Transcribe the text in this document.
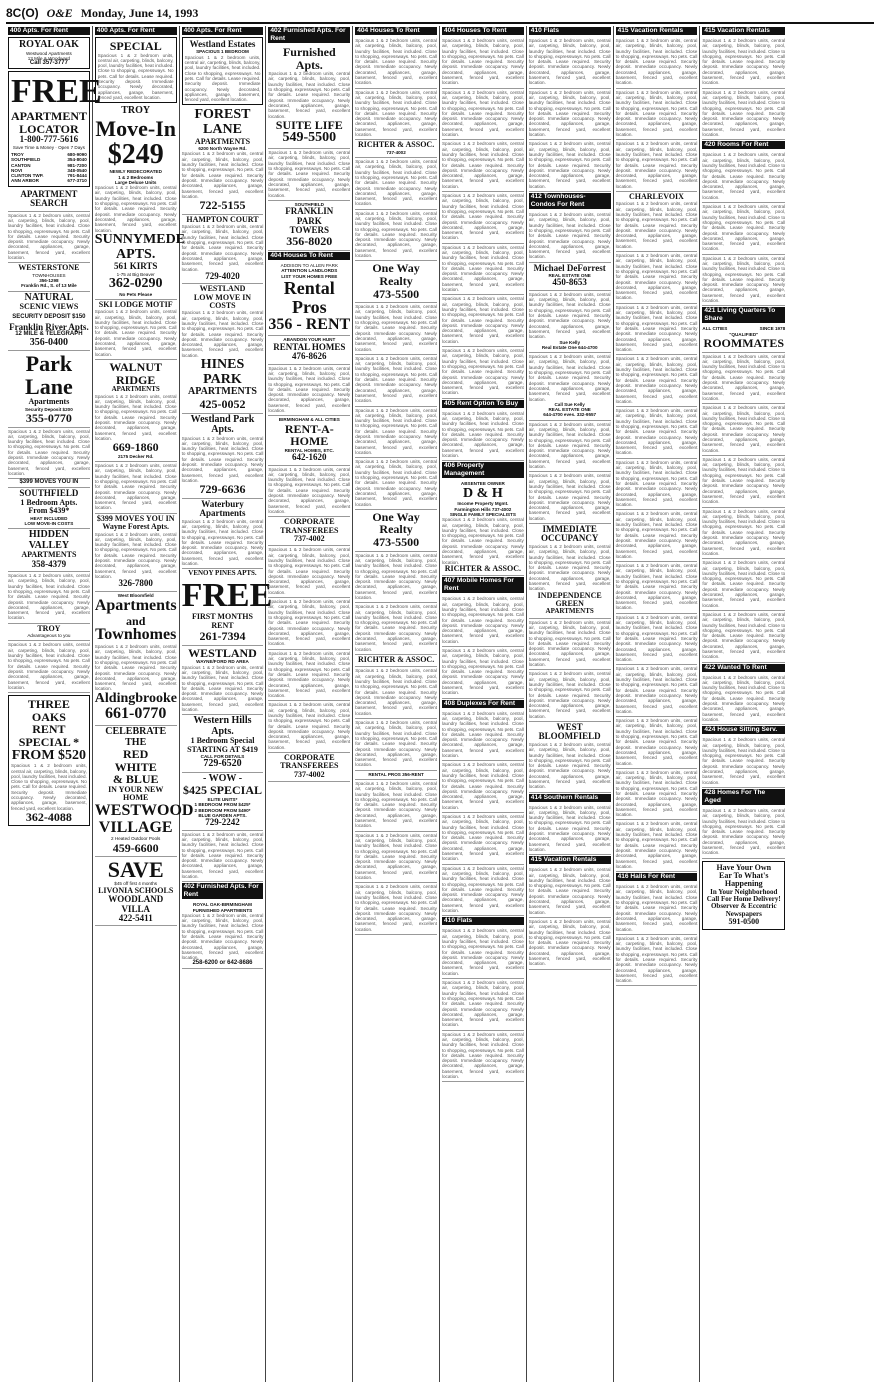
8C(O) O&E Monday, June 14, 1993
400 Apts. For Rent
ROYAL OAK
Westwood Apartments
13 Mile & Woodward
Call 357-3777
FREE
APARTMENT
LOCATOR
1-800-777-5616
Save Time & Money · Open 7 Days
TROY	680-9090
SOUTHFIELD	354-8040
CANTON	981-7200
NOVI	348-0540
CLINTON TWP.	791-8444
ANN ARBOR	677-3710
APARTMENT
SEARCH
Spacious 1 & 2 bedroom units, central air, carpeting, blinds, balcony, pool, laundry facilities, heat included. Close to shopping, expressways. No pets. Call for details. Lease required. Security deposit. Immediate occupancy. Newly decorated, appliances, garage, basement, fenced yard, excellent location.
WESTERSTONE
TOWNHOUSES
356-1298
Franklin Rd., S. of 13 Mile
NATURAL
SCENIC VIEWS
SECURITY DEPOSIT $150
Franklin River Apts.
12 MILE & TELEGRAPH
356-0400
Park Lane
Apartments
Security Deposit $200
355-0770
Spacious 1 & 2 bedroom units, central air, carpeting, blinds, balcony, pool, laundry facilities, heat included. Close to shopping, expressways. No pets. Call for details. Lease required. Security deposit. Immediate occupancy. Newly decorated, appliances, garage, basement, fenced yard, excellent location.
$399 MOVES YOU IN
SOUTHFIELD
1 Bedroom Apts.
From $439*
HEAT INCLUDED
LOW MOVE-IN COSTS
HIDDEN VALLEY
APARTMENTS
358-4379
Spacious 1 & 2 bedroom units, central air, carpeting, blinds, balcony, pool, laundry facilities, heat included. Close to shopping, expressways. No pets. Call for details. Lease required. Security deposit. Immediate occupancy. Newly decorated, appliances, garage, basement, fenced yard, excellent location.
TROY
Advantageous to you
Spacious 1 & 2 bedroom units, central air, carpeting, blinds, balcony, pool, laundry facilities, heat included. Close to shopping, expressways. No pets. Call for details. Lease required. Security deposit. Immediate occupancy. Newly decorated, appliances, garage, basement, fenced yard, excellent location.
THREE OAKS
RENT
SPECIAL *
FROM $520
Spacious 1 & 2 bedroom units, central air, carpeting, blinds, balcony, pool, laundry facilities, heat included. Close to shopping, expressways. No pets. Call for details. Lease required. Security deposit. Immediate occupancy. Newly decorated, appliances, garage, basement, fenced yard, excellent location.
362-4088
400 Apts. For Rent
SPECIAL
Spacious 1 & 2 bedroom units, central air, carpeting, blinds, balcony, pool, laundry facilities, heat included. Close to shopping, expressways. No pets. Call for details. Lease required. Security deposit. Immediate occupancy. Newly decorated, appliances, garage, basement, fenced yard, excellent location.
TROY
Move-In
$249
NEWLY REDECORATED
1 & 2 Bedrooms
Large Deluxe Units
Spacious 1 & 2 bedroom units, central air, carpeting, blinds, balcony, pool, laundry facilities, heat included. Close to shopping, expressways. No pets. Call for details. Lease required. Security deposit. Immediate occupancy. Newly decorated, appliances, garage, basement, fenced yard, excellent location.
SUNNYMEDE
APTS.
561 KIRTS
1-75 at Big Beaver
362-0290
No Pets Please
SKI LODGE MOTIF
Spacious 1 & 2 bedroom units, central air, carpeting, blinds, balcony, pool, laundry facilities, heat included. Close to shopping, expressways. No pets. Call for details. Lease required. Security deposit. Immediate occupancy. Newly decorated, appliances, garage, basement, fenced yard, excellent location.
WALNUT RIDGE
APARTMENTS
Spacious 1 & 2 bedroom units, central air, carpeting, blinds, balcony, pool, laundry facilities, heat included. Close to shopping, expressways. No pets. Call for details. Lease required. Security deposit. Immediate occupancy. Newly decorated, appliances, garage, basement, fenced yard, excellent location.
669-1860
2175 Decker Rd.
Spacious 1 & 2 bedroom units, central air, carpeting, blinds, balcony, pool, laundry facilities, heat included. Close to shopping, expressways. No pets. Call for details. Lease required. Security deposit. Immediate occupancy. Newly decorated, appliances, garage, basement, fenced yard, excellent location.
$399 MOVES YOU IN
Wayne Forest Apts.
Spacious 1 & 2 bedroom units, central air, carpeting, blinds, balcony, pool, laundry facilities, heat included. Close to shopping, expressways. No pets. Call for details. Lease required. Security deposit. Immediate occupancy. Newly decorated, appliances, garage, basement, fenced yard, excellent location.
326-7800
West Bloomfield
Apartments
and
Townhomes
Spacious 1 & 2 bedroom units, central air, carpeting, blinds, balcony, pool, laundry facilities, heat included. Close to shopping, expressways. No pets. Call for details. Lease required. Security deposit. Immediate occupancy. Newly decorated, appliances, garage, basement, fenced yard, excellent location.
Aldingbrooke
661-0770
CELEBRATE THE
RED
WHITE
& BLUE
IN YOUR NEW HOME
WESTWOOD
VILLAGE
2 Heated Outdoor Pools
459-6600
SAVE
$45 off first 4 months
LIVONIA SCHOOLS
WOODLAND VILLA
422-5411
400 Apts. For Rent
Westland Estates
SPACIOUS 1 BEDROOM
Spacious 1 & 2 bedroom units, central air, carpeting, blinds, balcony, pool, laundry facilities, heat included. Close to shopping, expressways. No pets. Call for details. Lease required. Security deposit. Immediate occupancy. Newly decorated, appliances, garage, basement, fenced yard, excellent location.
FOREST LANE
APARTMENTS
6200 North Wayne Rd.
Spacious 1 & 2 bedroom units, central air, carpeting, blinds, balcony, pool, laundry facilities, heat included. Close to shopping, expressways. No pets. Call for details. Lease required. Security deposit. Immediate occupancy. Newly decorated, appliances, garage, basement, fenced yard, excellent location.
722-5155
HAMPTON COURT
Spacious 1 & 2 bedroom units, central air, carpeting, blinds, balcony, pool, laundry facilities, heat included. Close to shopping, expressways. No pets. Call for details. Lease required. Security deposit. Immediate occupancy. Newly decorated, appliances, garage, basement, fenced yard, excellent location.
729-4020
WESTLAND
LOW MOVE IN COSTS
Spacious 1 & 2 bedroom units, central air, carpeting, blinds, balcony, pool, laundry facilities, heat included. Close to shopping, expressways. No pets. Call for details. Lease required. Security deposit. Immediate occupancy. Newly decorated, appliances, garage, basement, fenced yard, excellent location.
HINES PARK
APARTMENTS
425-0052
Westland Park Apts.
Spacious 1 & 2 bedroom units, central air, carpeting, blinds, balcony, pool, laundry facilities, heat included. Close to shopping, expressways. No pets. Call for details. Lease required. Security deposit. Immediate occupancy. Newly decorated, appliances, garage, basement, fenced yard, excellent location.
729-6636
Waterbury Apartments
Spacious 1 & 2 bedroom units, central air, carpeting, blinds, balcony, pool, laundry facilities, heat included. Close to shopping, expressways. No pets. Call for details. Lease required. Security deposit. Immediate occupancy. Newly decorated, appliances, garage, basement, fenced yard, excellent location.
VENOY PINES APTS.
FREE
FIRST MONTHS RENT
261-7394
WESTLAND
WAYNE/FORD RD AREA
Spacious 1 & 2 bedroom units, central air, carpeting, blinds, balcony, pool, laundry facilities, heat included. Close to shopping, expressways. No pets. Call for details. Lease required. Security deposit. Immediate occupancy. Newly decorated, appliances, garage, basement, fenced yard, excellent location.
Western Hills Apts.
1 Bedroom Special
STARTING AT $419
CALL FOR DETAILS
729-6520
- WOW -
$425 SPECIAL
ELITE UNITS*
1 BEDROOM FROM $425*
2 BEDROOM FROM $490*
BLUE GARDEN APTS.
729-2242
Spacious 1 & 2 bedroom units, central air, carpeting, blinds, balcony, pool, laundry facilities, heat included. Close to shopping, expressways. No pets. Call for details. Lease required. Security deposit. Immediate occupancy. Newly decorated, appliances, garage, basement, fenced yard, excellent location.
402 Furnished Apts. For Rent
ROYAL OAK-BIRMINGHAM
FURNISHED APARTMENTS
Spacious 1 & 2 bedroom units, central air, carpeting, blinds, balcony, pool, laundry facilities, heat included. Close to shopping, expressways. No pets. Call for details. Lease required. Security deposit. Immediate occupancy. Newly decorated, appliances, garage, basement, fenced yard, excellent location.
258-6200 or 642-8686
402 Furnished Apts. For Rent
Furnished Apts.
Spacious 1 & 2 bedroom units, central air, carpeting, blinds, balcony, pool, laundry facilities, heat included. Close to shopping, expressways. No pets. Call for details. Lease required. Security deposit. Immediate occupancy. Newly decorated, appliances, garage, basement, fenced yard, excellent location.
SUITE LIFE
549-5500
Spacious 1 & 2 bedroom units, central air, carpeting, blinds, balcony, pool, laundry facilities, heat included. Close to shopping, expressways. No pets. Call for details. Lease required. Security deposit. Immediate occupancy. Newly decorated, appliances, garage, basement, fenced yard, excellent location.
SOUTHFIELD
FRANKLIN
PARK
TOWERS
356-8020
404 Houses To Rent
ADDISON TO ALLEN PARK
ATTENTION LANDLORDS
LIST YOUR HOMES FREE
Rental Pros
356 - RENT
ABANDON YOUR HUNT
RENTAL HOMES
476-8626
Spacious 1 & 2 bedroom units, central air, carpeting, blinds, balcony, pool, laundry facilities, heat included. Close to shopping, expressways. No pets. Call for details. Lease required. Security deposit. Immediate occupancy. Newly decorated, appliances, garage, basement, fenced yard, excellent location.
BIRMINGHAM & ALL CITIES
RENT-A-HOME
RENTAL HOMES, ETC.
642-1620
Spacious 1 & 2 bedroom units, central air, carpeting, blinds, balcony, pool, laundry facilities, heat included. Close to shopping, expressways. No pets. Call for details. Lease required. Security deposit. Immediate occupancy. Newly decorated, appliances, garage, basement, fenced yard, excellent location.
CORPORATE
TRANSFEREES
737-4002
Spacious 1 & 2 bedroom units, central air, carpeting, blinds, balcony, pool, laundry facilities, heat included. Close to shopping, expressways. No pets. Call for details. Lease required. Security deposit. Immediate occupancy. Newly decorated, appliances, garage, basement, fenced yard, excellent location.
Spacious 1 & 2 bedroom units, central air, carpeting, blinds, balcony, pool, laundry facilities, heat included. Close to shopping, expressways. No pets. Call for details. Lease required. Security deposit. Immediate occupancy. Newly decorated, appliances, garage, basement, fenced yard, excellent location.
Spacious 1 & 2 bedroom units, central air, carpeting, blinds, balcony, pool, laundry facilities, heat included. Close to shopping, expressways. No pets. Call for details. Lease required. Security deposit. Immediate occupancy. Newly decorated, appliances, garage, basement, fenced yard, excellent location.
Spacious 1 & 2 bedroom units, central air, carpeting, blinds, balcony, pool, laundry facilities, heat included. Close to shopping, expressways. No pets. Call for details. Lease required. Security deposit. Immediate occupancy. Newly decorated, appliances, garage, basement, fenced yard, excellent location.
CORPORATE
TRANSFEREES
737-4002
404 Houses To Rent
Spacious 1 & 2 bedroom units, central air, carpeting, blinds, balcony, pool, laundry facilities, heat included. Close to shopping, expressways. No pets. Call for details. Lease required. Security deposit. Immediate occupancy. Newly decorated, appliances, garage, basement, fenced yard, excellent location.
Spacious 1 & 2 bedroom units, central air, carpeting, blinds, balcony, pool, laundry facilities, heat included. Close to shopping, expressways. No pets. Call for details. Lease required. Security deposit. Immediate occupancy. Newly decorated, appliances, garage, basement, fenced yard, excellent location.
RICHTER & ASSOC.
737-4002
Spacious 1 & 2 bedroom units, central air, carpeting, blinds, balcony, pool, laundry facilities, heat included. Close to shopping, expressways. No pets. Call for details. Lease required. Security deposit. Immediate occupancy. Newly decorated, appliances, garage, basement, fenced yard, excellent location.
Spacious 1 & 2 bedroom units, central air, carpeting, blinds, balcony, pool, laundry facilities, heat included. Close to shopping, expressways. No pets. Call for details. Lease required. Security deposit. Immediate occupancy. Newly decorated, appliances, garage, basement, fenced yard, excellent location.
One Way Realty
473-5500
Spacious 1 & 2 bedroom units, central air, carpeting, blinds, balcony, pool, laundry facilities, heat included. Close to shopping, expressways. No pets. Call for details. Lease required. Security deposit. Immediate occupancy. Newly decorated, appliances, garage, basement, fenced yard, excellent location.
Spacious 1 & 2 bedroom units, central air, carpeting, blinds, balcony, pool, laundry facilities, heat included. Close to shopping, expressways. No pets. Call for details. Lease required. Security deposit. Immediate occupancy. Newly decorated, appliances, garage, basement, fenced yard, excellent location.
Spacious 1 & 2 bedroom units, central air, carpeting, blinds, balcony, pool, laundry facilities, heat included. Close to shopping, expressways. No pets. Call for details. Lease required. Security deposit. Immediate occupancy. Newly decorated, appliances, garage, basement, fenced yard, excellent location.
Spacious 1 & 2 bedroom units, central air, carpeting, blinds, balcony, pool, laundry facilities, heat included. Close to shopping, expressways. No pets. Call for details. Lease required. Security deposit. Immediate occupancy. Newly decorated, appliances, garage, basement, fenced yard, excellent location.
One Way Realty
473-5500
Spacious 1 & 2 bedroom units, central air, carpeting, blinds, balcony, pool, laundry facilities, heat included. Close to shopping, expressways. No pets. Call for details. Lease required. Security deposit. Immediate occupancy. Newly decorated, appliances, garage, basement, fenced yard, excellent location.
Spacious 1 & 2 bedroom units, central air, carpeting, blinds, balcony, pool, laundry facilities, heat included. Close to shopping, expressways. No pets. Call for details. Lease required. Security deposit. Immediate occupancy. Newly decorated, appliances, garage, basement, fenced yard, excellent location.
RICHTER & ASSOC.
Spacious 1 & 2 bedroom units, central air, carpeting, blinds, balcony, pool, laundry facilities, heat included. Close to shopping, expressways. No pets. Call for details. Lease required. Security deposit. Immediate occupancy. Newly decorated, appliances, garage, basement, fenced yard, excellent location.
Spacious 1 & 2 bedroom units, central air, carpeting, blinds, balcony, pool, laundry facilities, heat included. Close to shopping, expressways. No pets. Call for details. Lease required. Security deposit. Immediate occupancy. Newly decorated, appliances, garage, basement, fenced yard, excellent location.
RENTAL PROS 356-RENT
Spacious 1 & 2 bedroom units, central air, carpeting, blinds, balcony, pool, laundry facilities, heat included. Close to shopping, expressways. No pets. Call for details. Lease required. Security deposit. Immediate occupancy. Newly decorated, appliances, garage, basement, fenced yard, excellent location.
Spacious 1 & 2 bedroom units, central air, carpeting, blinds, balcony, pool, laundry facilities, heat included. Close to shopping, expressways. No pets. Call for details. Lease required. Security deposit. Immediate occupancy. Newly decorated, appliances, garage, basement, fenced yard, excellent location.
Spacious 1 & 2 bedroom units, central air, carpeting, blinds, balcony, pool, laundry facilities, heat included. Close to shopping, expressways. No pets. Call for details. Lease required. Security deposit. Immediate occupancy. Newly decorated, appliances, garage, basement, fenced yard, excellent location.
404 Houses To Rent
Spacious 1 & 2 bedroom units, central air, carpeting, blinds, balcony, pool, laundry facilities, heat included. Close to shopping, expressways. No pets. Call for details. Lease required. Security deposit. Immediate occupancy. Newly decorated, appliances, garage, basement, fenced yard, excellent location.
Spacious 1 & 2 bedroom units, central air, carpeting, blinds, balcony, pool, laundry facilities, heat included. Close to shopping, expressways. No pets. Call for details. Lease required. Security deposit. Immediate occupancy. Newly decorated, appliances, garage, basement, fenced yard, excellent location.
Spacious 1 & 2 bedroom units, central air, carpeting, blinds, balcony, pool, laundry facilities, heat included. Close to shopping, expressways. No pets. Call for details. Lease required. Security deposit. Immediate occupancy. Newly decorated, appliances, garage, basement, fenced yard, excellent location.
Spacious 1 & 2 bedroom units, central air, carpeting, blinds, balcony, pool, laundry facilities, heat included. Close to shopping, expressways. No pets. Call for details. Lease required. Security deposit. Immediate occupancy. Newly decorated, appliances, garage, basement, fenced yard, excellent location.
Spacious 1 & 2 bedroom units, central air, carpeting, blinds, balcony, pool, laundry facilities, heat included. Close to shopping, expressways. No pets. Call for details. Lease required. Security deposit. Immediate occupancy. Newly decorated, appliances, garage, basement, fenced yard, excellent location.
Spacious 1 & 2 bedroom units, central air, carpeting, blinds, balcony, pool, laundry facilities, heat included. Close to shopping, expressways. No pets. Call for details. Lease required. Security deposit. Immediate occupancy. Newly decorated, appliances, garage, basement, fenced yard, excellent location.
Spacious 1 & 2 bedroom units, central air, carpeting, blinds, balcony, pool, laundry facilities, heat included. Close to shopping, expressways. No pets. Call for details. Lease required. Security deposit. Immediate occupancy. Newly decorated, appliances, garage, basement, fenced yard, excellent location.
405 Rent Option To Buy
Spacious 1 & 2 bedroom units, central air, carpeting, blinds, balcony, pool, laundry facilities, heat included. Close to shopping, expressways. No pets. Call for details. Lease required. Security deposit. Immediate occupancy. Newly decorated, appliances, garage, basement, fenced yard, excellent location.
406 Property Management
ABSENTEE OWNER
D & H
Income Property Mgmt.
Farmington Hills 737-4002
SINGLE FAMILY SPECIALISTS
Spacious 1 & 2 bedroom units, central air, carpeting, blinds, balcony, pool, laundry facilities, heat included. Close to shopping, expressways. No pets. Call for details. Lease required. Security deposit. Immediate occupancy. Newly decorated, appliances, garage, basement, fenced yard, excellent location.
RICHTER & ASSOC.
407 Mobile Homes For Rent
Spacious 1 & 2 bedroom units, central air, carpeting, blinds, balcony, pool, laundry facilities, heat included. Close to shopping, expressways. No pets. Call for details. Lease required. Security deposit. Immediate occupancy. Newly decorated, appliances, garage, basement, fenced yard, excellent location.
Spacious 1 & 2 bedroom units, central air, carpeting, blinds, balcony, pool, laundry facilities, heat included. Close to shopping, expressways. No pets. Call for details. Lease required. Security deposit. Immediate occupancy. Newly decorated, appliances, garage, basement, fenced yard, excellent location.
408 Duplexes For Rent
Spacious 1 & 2 bedroom units, central air, carpeting, blinds, balcony, pool, laundry facilities, heat included. Close to shopping, expressways. No pets. Call for details. Lease required. Security deposit. Immediate occupancy. Newly decorated, appliances, garage, basement, fenced yard, excellent location.
Spacious 1 & 2 bedroom units, central air, carpeting, blinds, balcony, pool, laundry facilities, heat included. Close to shopping, expressways. No pets. Call for details. Lease required. Security deposit. Immediate occupancy. Newly decorated, appliances, garage, basement, fenced yard, excellent location.
Spacious 1 & 2 bedroom units, central air, carpeting, blinds, balcony, pool, laundry facilities, heat included. Close to shopping, expressways. No pets. Call for details. Lease required. Security deposit. Immediate occupancy. Newly decorated, appliances, garage, basement, fenced yard, excellent location.
Spacious 1 & 2 bedroom units, central air, carpeting, blinds, balcony, pool, laundry facilities, heat included. Close to shopping, expressways. No pets. Call for details. Lease required. Security deposit. Immediate occupancy. Newly decorated, appliances, garage, basement, fenced yard, excellent location.
410 Flats
Spacious 1 & 2 bedroom units, central air, carpeting, blinds, balcony, pool, laundry facilities, heat included. Close to shopping, expressways. No pets. Call for details. Lease required. Security deposit. Immediate occupancy. Newly decorated, appliances, garage, basement, fenced yard, excellent location.
Spacious 1 & 2 bedroom units, central air, carpeting, blinds, balcony, pool, laundry facilities, heat included. Close to shopping, expressways. No pets. Call for details. Lease required. Security deposit. Immediate occupancy. Newly decorated, appliances, garage, basement, fenced yard, excellent location.
Spacious 1 & 2 bedroom units, central air, carpeting, blinds, balcony, pool, laundry facilities, heat included. Close to shopping, expressways. No pets. Call for details. Lease required. Security deposit. Immediate occupancy. Newly decorated, appliances, garage, basement, fenced yard, excellent location.
410 Flats
Spacious 1 & 2 bedroom units, central air, carpeting, blinds, balcony, pool, laundry facilities, heat included. Close to shopping, expressways. No pets. Call for details. Lease required. Security deposit. Immediate occupancy. Newly decorated, appliances, garage, basement, fenced yard, excellent location.
Spacious 1 & 2 bedroom units, central air, carpeting, blinds, balcony, pool, laundry facilities, heat included. Close to shopping, expressways. No pets. Call for details. Lease required. Security deposit. Immediate occupancy. Newly decorated, appliances, garage, basement, fenced yard, excellent location.
Spacious 1 & 2 bedroom units, central air, carpeting, blinds, balcony, pool, laundry facilities, heat included. Close to shopping, expressways. No pets. Call for details. Lease required. Security deposit. Immediate occupancy. Newly decorated, appliances, garage, basement, fenced yard, excellent location.
412 Townhouses-Condos For Rent
Spacious 1 & 2 bedroom units, central air, carpeting, blinds, balcony, pool, laundry facilities, heat included. Close to shopping, expressways. No pets. Call for details. Lease required. Security deposit. Immediate occupancy. Newly decorated, appliances, garage, basement, fenced yard, excellent location.
Michael DeForrest
REAL ESTATE ONE
450-8653
Spacious 1 & 2 bedroom units, central air, carpeting, blinds, balcony, pool, laundry facilities, heat included. Close to shopping, expressways. No pets. Call for details. Lease required. Security deposit. Immediate occupancy. Newly decorated, appliances, garage, basement, fenced yard, excellent location.
Sue Kelly
Real Estate One 644-4700
Spacious 1 & 2 bedroom units, central air, carpeting, blinds, balcony, pool, laundry facilities, heat included. Close to shopping, expressways. No pets. Call for details. Lease required. Security deposit. Immediate occupancy. Newly decorated, appliances, garage, basement, fenced yard, excellent location.
Call Sue Kelly
REAL ESTATE ONE
644-4700 eves. 332-9557
Spacious 1 & 2 bedroom units, central air, carpeting, blinds, balcony, pool, laundry facilities, heat included. Close to shopping, expressways. No pets. Call for details. Lease required. Security deposit. Immediate occupancy. Newly decorated, appliances, garage, basement, fenced yard, excellent location.
Spacious 1 & 2 bedroom units, central air, carpeting, blinds, balcony, pool, laundry facilities, heat included. Close to shopping, expressways. No pets. Call for details. Lease required. Security deposit. Immediate occupancy. Newly decorated, appliances, garage, basement, fenced yard, excellent location.
IMMEDIATE
OCCUPANCY
Spacious 1 & 2 bedroom units, central air, carpeting, blinds, balcony, pool, laundry facilities, heat included. Close to shopping, expressways. No pets. Call for details. Lease required. Security deposit. Immediate occupancy. Newly decorated, appliances, garage, basement, fenced yard, excellent location.
INDEPENDENCE GREEN
APARTMENTS
Spacious 1 & 2 bedroom units, central air, carpeting, blinds, balcony, pool, laundry facilities, heat included. Close to shopping, expressways. No pets. Call for details. Lease required. Security deposit. Immediate occupancy. Newly decorated, appliances, garage, basement, fenced yard, excellent location.
Spacious 1 & 2 bedroom units, central air, carpeting, blinds, balcony, pool, laundry facilities, heat included. Close to shopping, expressways. No pets. Call for details. Lease required. Security deposit. Immediate occupancy. Newly decorated, appliances, garage, basement, fenced yard, excellent location.
WEST BLOOMFIELD
Spacious 1 & 2 bedroom units, central air, carpeting, blinds, balcony, pool, laundry facilities, heat included. Close to shopping, expressways. No pets. Call for details. Lease required. Security deposit. Immediate occupancy. Newly decorated, appliances, garage, basement, fenced yard, excellent location.
414 Southern Rentals
Spacious 1 & 2 bedroom units, central air, carpeting, blinds, balcony, pool, laundry facilities, heat included. Close to shopping, expressways. No pets. Call for details. Lease required. Security deposit. Immediate occupancy. Newly decorated, appliances, garage, basement, fenced yard, excellent location.
415 Vacation Rentals
Spacious 1 & 2 bedroom units, central air, carpeting, blinds, balcony, pool, laundry facilities, heat included. Close to shopping, expressways. No pets. Call for details. Lease required. Security deposit. Immediate occupancy. Newly decorated, appliances, garage, basement, fenced yard, excellent location.
Spacious 1 & 2 bedroom units, central air, carpeting, blinds, balcony, pool, laundry facilities, heat included. Close to shopping, expressways. No pets. Call for details. Lease required. Security deposit. Immediate occupancy. Newly decorated, appliances, garage, basement, fenced yard, excellent location.
415 Vacation Rentals
Spacious 1 & 2 bedroom units, central air, carpeting, blinds, balcony, pool, laundry facilities, heat included. Close to shopping, expressways. No pets. Call for details. Lease required. Security deposit. Immediate occupancy. Newly decorated, appliances, garage, basement, fenced yard, excellent location.
Spacious 1 & 2 bedroom units, central air, carpeting, blinds, balcony, pool, laundry facilities, heat included. Close to shopping, expressways. No pets. Call for details. Lease required. Security deposit. Immediate occupancy. Newly decorated, appliances, garage, basement, fenced yard, excellent location.
Spacious 1 & 2 bedroom units, central air, carpeting, blinds, balcony, pool, laundry facilities, heat included. Close to shopping, expressways. No pets. Call for details. Lease required. Security deposit. Immediate occupancy. Newly decorated, appliances, garage, basement, fenced yard, excellent location.
CHARLEVOIX
Spacious 1 & 2 bedroom units, central air, carpeting, blinds, balcony, pool, laundry facilities, heat included. Close to shopping, expressways. No pets. Call for details. Lease required. Security deposit. Immediate occupancy. Newly decorated, appliances, garage, basement, fenced yard, excellent location.
Spacious 1 & 2 bedroom units, central air, carpeting, blinds, balcony, pool, laundry facilities, heat included. Close to shopping, expressways. No pets. Call for details. Lease required. Security deposit. Immediate occupancy. Newly decorated, appliances, garage, basement, fenced yard, excellent location.
Spacious 1 & 2 bedroom units, central air, carpeting, blinds, balcony, pool, laundry facilities, heat included. Close to shopping, expressways. No pets. Call for details. Lease required. Security deposit. Immediate occupancy. Newly decorated, appliances, garage, basement, fenced yard, excellent location.
Spacious 1 & 2 bedroom units, central air, carpeting, blinds, balcony, pool, laundry facilities, heat included. Close to shopping, expressways. No pets. Call for details. Lease required. Security deposit. Immediate occupancy. Newly decorated, appliances, garage, basement, fenced yard, excellent location.
Spacious 1 & 2 bedroom units, central air, carpeting, blinds, balcony, pool, laundry facilities, heat included. Close to shopping, expressways. No pets. Call for details. Lease required. Security deposit. Immediate occupancy. Newly decorated, appliances, garage, basement, fenced yard, excellent location.
Spacious 1 & 2 bedroom units, central air, carpeting, blinds, balcony, pool, laundry facilities, heat included. Close to shopping, expressways. No pets. Call for details. Lease required. Security deposit. Immediate occupancy. Newly decorated, appliances, garage, basement, fenced yard, excellent location.
Spacious 1 & 2 bedroom units, central air, carpeting, blinds, balcony, pool, laundry facilities, heat included. Close to shopping, expressways. No pets. Call for details. Lease required. Security deposit. Immediate occupancy. Newly decorated, appliances, garage, basement, fenced yard, excellent location.
Spacious 1 & 2 bedroom units, central air, carpeting, blinds, balcony, pool, laundry facilities, heat included. Close to shopping, expressways. No pets. Call for details. Lease required. Security deposit. Immediate occupancy. Newly decorated, appliances, garage, basement, fenced yard, excellent location.
Spacious 1 & 2 bedroom units, central air, carpeting, blinds, balcony, pool, laundry facilities, heat included. Close to shopping, expressways. No pets. Call for details. Lease required. Security deposit. Immediate occupancy. Newly decorated, appliances, garage, basement, fenced yard, excellent location.
Spacious 1 & 2 bedroom units, central air, carpeting, blinds, balcony, pool, laundry facilities, heat included. Close to shopping, expressways. No pets. Call for details. Lease required. Security deposit. Immediate occupancy. Newly decorated, appliances, garage, basement, fenced yard, excellent location.
Spacious 1 & 2 bedroom units, central air, carpeting, blinds, balcony, pool, laundry facilities, heat included. Close to shopping, expressways. No pets. Call for details. Lease required. Security deposit. Immediate occupancy. Newly decorated, appliances, garage, basement, fenced yard, excellent location.
Spacious 1 & 2 bedroom units, central air, carpeting, blinds, balcony, pool, laundry facilities, heat included. Close to shopping, expressways. No pets. Call for details. Lease required. Security deposit. Immediate occupancy. Newly decorated, appliances, garage, basement, fenced yard, excellent location.
Spacious 1 & 2 bedroom units, central air, carpeting, blinds, balcony, pool, laundry facilities, heat included. Close to shopping, expressways. No pets. Call for details. Lease required. Security deposit. Immediate occupancy. Newly decorated, appliances, garage, basement, fenced yard, excellent location.
416 Halls For Rent
Spacious 1 & 2 bedroom units, central air, carpeting, blinds, balcony, pool, laundry facilities, heat included. Close to shopping, expressways. No pets. Call for details. Lease required. Security deposit. Immediate occupancy. Newly decorated, appliances, garage, basement, fenced yard, excellent location.
Spacious 1 & 2 bedroom units, central air, carpeting, blinds, balcony, pool, laundry facilities, heat included. Close to shopping, expressways. No pets. Call for details. Lease required. Security deposit. Immediate occupancy. Newly decorated, appliances, garage, basement, fenced yard, excellent location.
415 Vacation Rentals
Spacious 1 & 2 bedroom units, central air, carpeting, blinds, balcony, pool, laundry facilities, heat included. Close to shopping, expressways. No pets. Call for details. Lease required. Security deposit. Immediate occupancy. Newly decorated, appliances, garage, basement, fenced yard, excellent location.
Spacious 1 & 2 bedroom units, central air, carpeting, blinds, balcony, pool, laundry facilities, heat included. Close to shopping, expressways. No pets. Call for details. Lease required. Security deposit. Immediate occupancy. Newly decorated, appliances, garage, basement, fenced yard, excellent location.
420 Rooms For Rent
Spacious 1 & 2 bedroom units, central air, carpeting, blinds, balcony, pool, laundry facilities, heat included. Close to shopping, expressways. No pets. Call for details. Lease required. Security deposit. Immediate occupancy. Newly decorated, appliances, garage, basement, fenced yard, excellent location.
Spacious 1 & 2 bedroom units, central air, carpeting, blinds, balcony, pool, laundry facilities, heat included. Close to shopping, expressways. No pets. Call for details. Lease required. Security deposit. Immediate occupancy. Newly decorated, appliances, garage, basement, fenced yard, excellent location.
Spacious 1 & 2 bedroom units, central air, carpeting, blinds, balcony, pool, laundry facilities, heat included. Close to shopping, expressways. No pets. Call for details. Lease required. Security deposit. Immediate occupancy. Newly decorated, appliances, garage, basement, fenced yard, excellent location.
421 Living Quarters To Share
ALL CITIES	SINCE 1978
"QUALIFIED"
ROOMMATES
Spacious 1 & 2 bedroom units, central air, carpeting, blinds, balcony, pool, laundry facilities, heat included. Close to shopping, expressways. No pets. Call for details. Lease required. Security deposit. Immediate occupancy. Newly decorated, appliances, garage, basement, fenced yard, excellent location.
Spacious 1 & 2 bedroom units, central air, carpeting, blinds, balcony, pool, laundry facilities, heat included. Close to shopping, expressways. No pets. Call for details. Lease required. Security deposit. Immediate occupancy. Newly decorated, appliances, garage, basement, fenced yard, excellent location.
Spacious 1 & 2 bedroom units, central air, carpeting, blinds, balcony, pool, laundry facilities, heat included. Close to shopping, expressways. No pets. Call for details. Lease required. Security deposit. Immediate occupancy. Newly decorated, appliances, garage, basement, fenced yard, excellent location.
Spacious 1 & 2 bedroom units, central air, carpeting, blinds, balcony, pool, laundry facilities, heat included. Close to shopping, expressways. No pets. Call for details. Lease required. Security deposit. Immediate occupancy. Newly decorated, appliances, garage, basement, fenced yard, excellent location.
Spacious 1 & 2 bedroom units, central air, carpeting, blinds, balcony, pool, laundry facilities, heat included. Close to shopping, expressways. No pets. Call for details. Lease required. Security deposit. Immediate occupancy. Newly decorated, appliances, garage, basement, fenced yard, excellent location.
Spacious 1 & 2 bedroom units, central air, carpeting, blinds, balcony, pool, laundry facilities, heat included. Close to shopping, expressways. No pets. Call for details. Lease required. Security deposit. Immediate occupancy. Newly decorated, appliances, garage, basement, fenced yard, excellent location.
422 Wanted To Rent
Spacious 1 & 2 bedroom units, central air, carpeting, blinds, balcony, pool, laundry facilities, heat included. Close to shopping, expressways. No pets. Call for details. Lease required. Security deposit. Immediate occupancy. Newly decorated, appliances, garage, basement, fenced yard, excellent location.
424 House Sitting Serv.
Spacious 1 & 2 bedroom units, central air, carpeting, blinds, balcony, pool, laundry facilities, heat included. Close to shopping, expressways. No pets. Call for details. Lease required. Security deposit. Immediate occupancy. Newly decorated, appliances, garage, basement, fenced yard, excellent location.
428 Homes For The Aged
Spacious 1 & 2 bedroom units, central air, carpeting, blinds, balcony, pool, laundry facilities, heat included. Close to shopping, expressways. No pets. Call for details. Lease required. Security deposit. Immediate occupancy. Newly decorated, appliances, garage, basement, fenced yard, excellent location.
Have Your Own
Ear To What's
Happening
In Your Neighborhood
Call For Home Delivery!
Observer & Eccentric
Newspapers
591-0500
